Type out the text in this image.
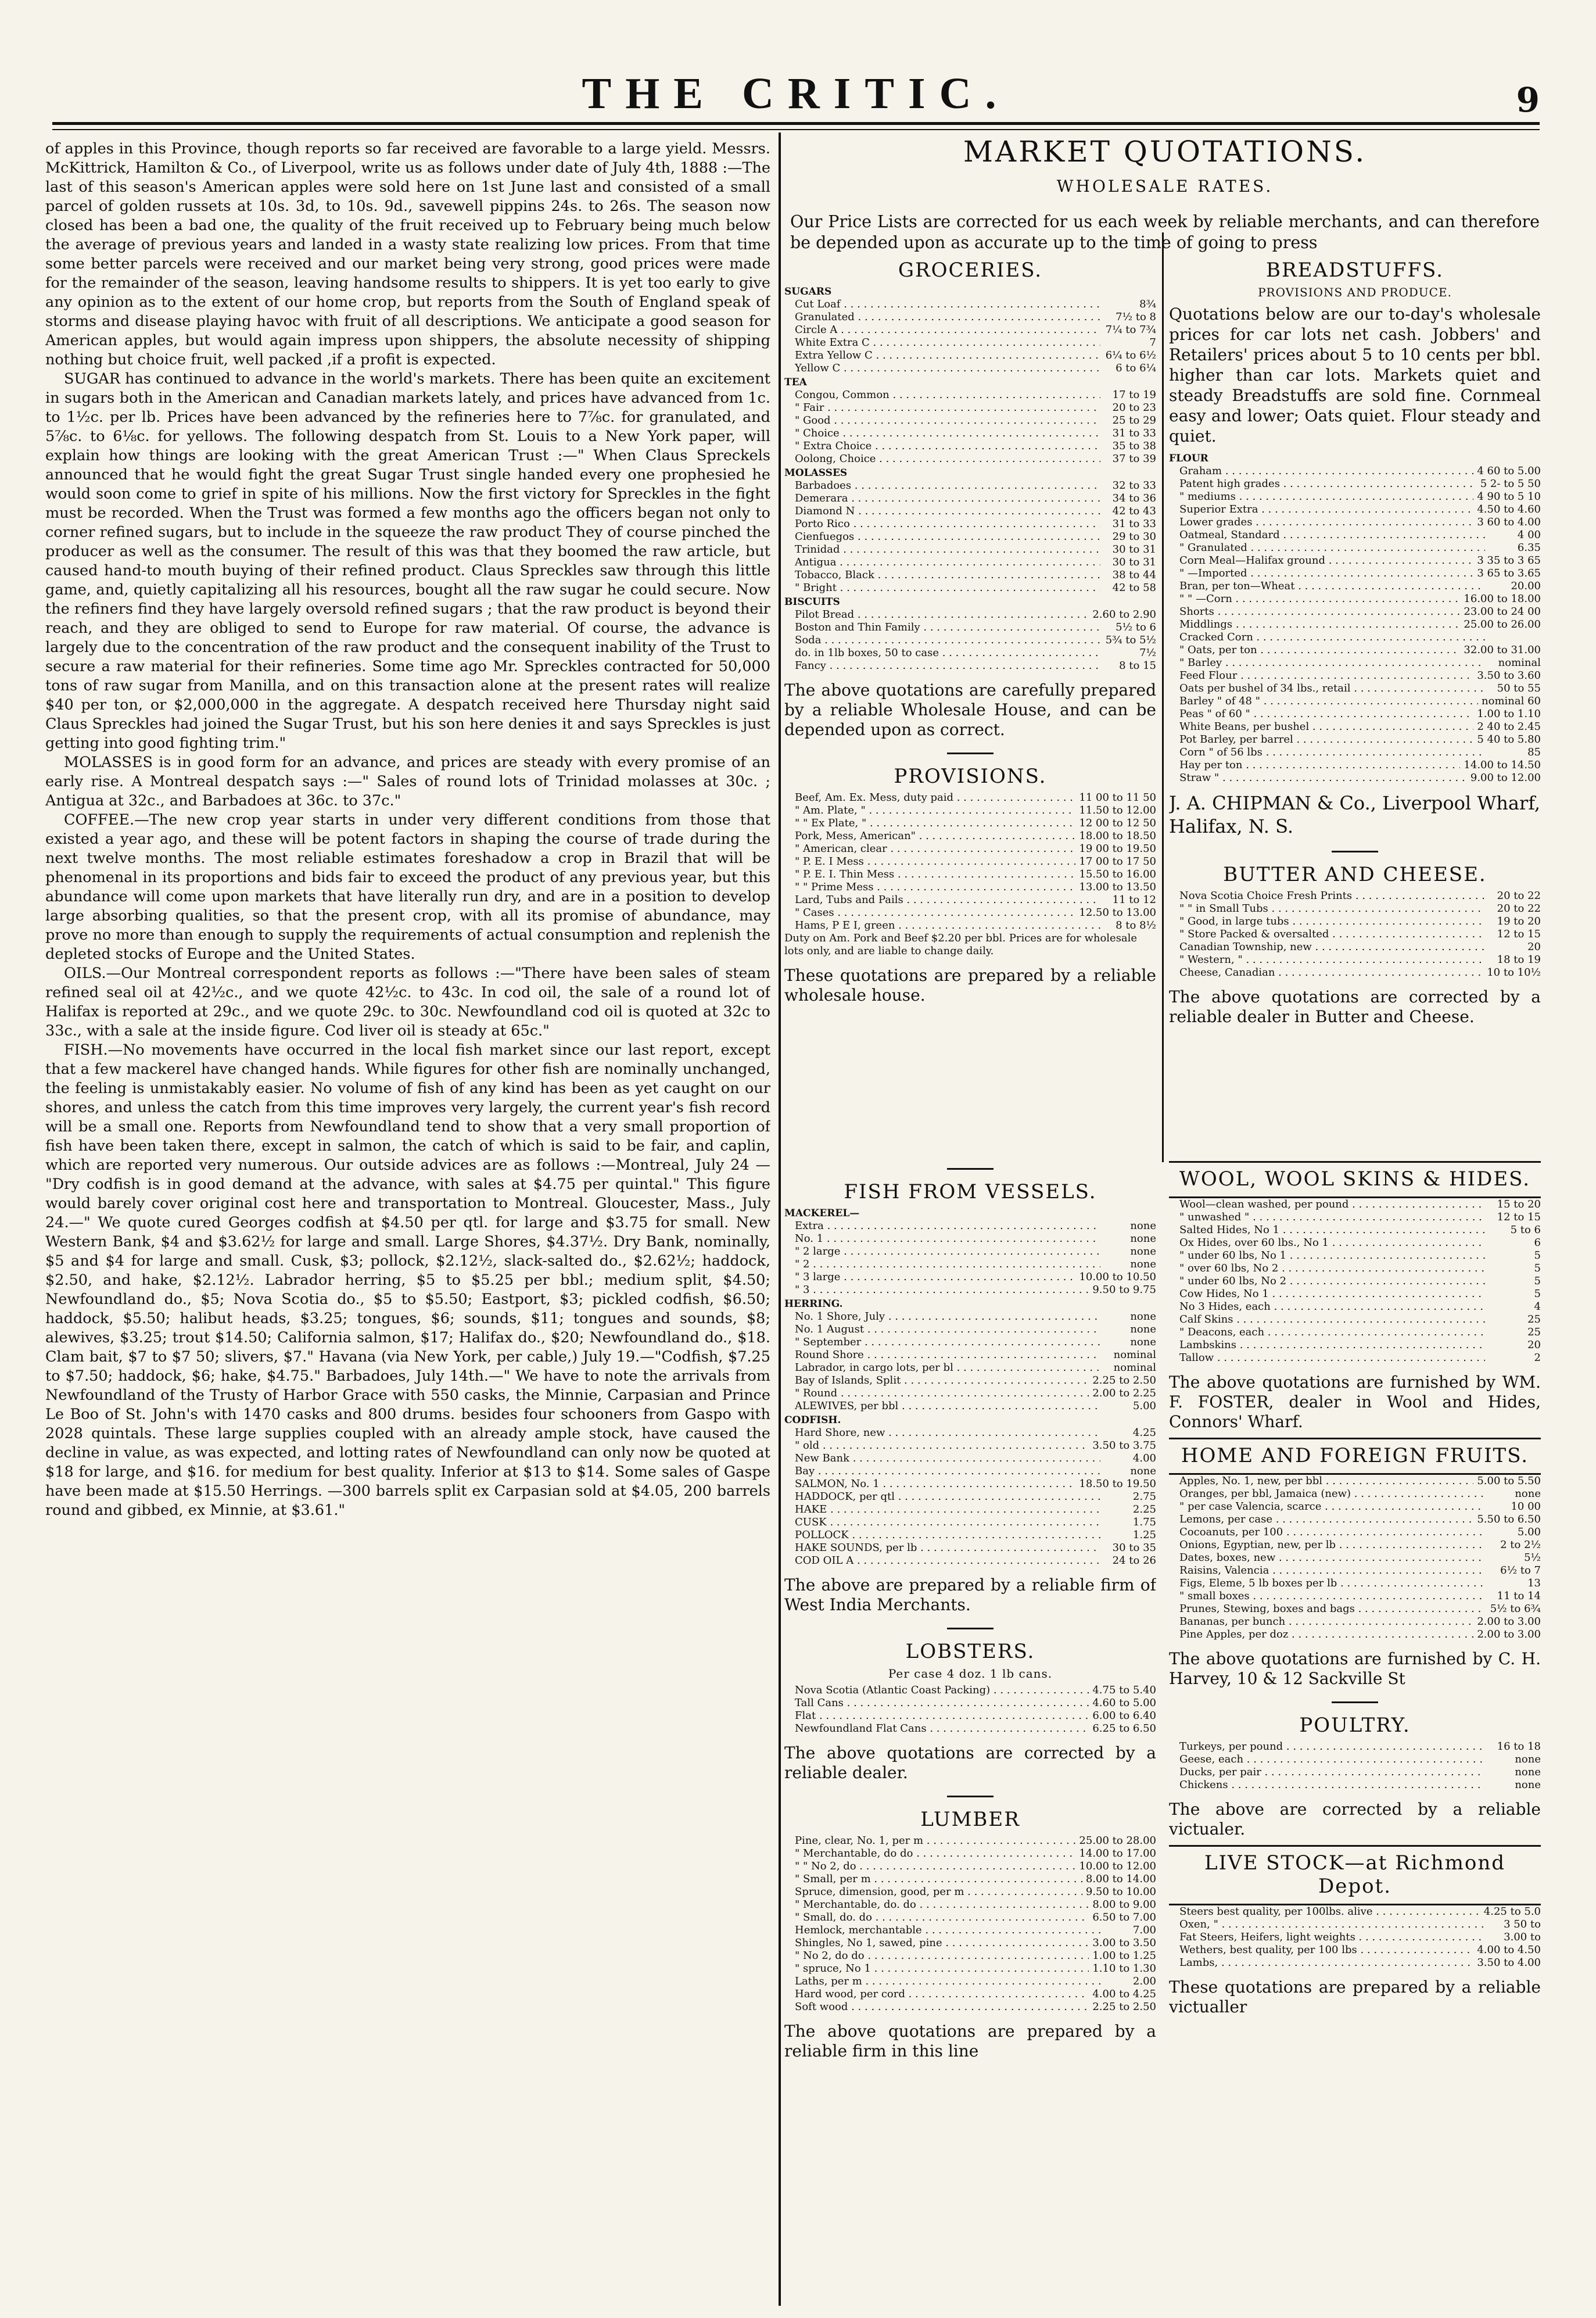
THE CRITIC.	9

of apples in this Province, though reports so far received are favorable to a large yield. Messrs. McKittrick, Hamilton & Co., of Liverpool, write us as follows under date of July 4th, 1888 :—The last of this season's American apples were sold here on 1st June last and consisted of a small parcel of golden russets at 10s. 3d, to 10s. 9d., savewell pippins 24s. to 26s. The season now closed has been a bad one, the quality of the fruit received up to February being much below the average of previous years and landed in a wasty state realizing low prices. From that time some better parcels were received and our market being very strong, good prices were made for the remainder of the season, leaving handsome results to shippers. It is yet too early to give any opinion as to the extent of our home crop, but reports from the South of England speak of storms and disease playing havoc with fruit of all descriptions. We anticipate a good season for American apples, but would again impress upon shippers, the absolute necessity of shipping nothing but choice fruit, well packed ,if a profit is expected.

SUGAR has continued to advance in the world's markets. There has been quite an excitement in sugars both in the American and Canadian markets lately, and prices have advanced from 1c. to 1½c. per lb. Prices have been advanced by the refineries here to 7⅞c. for granulated, and 5⅞c. to 6⅛c. for yellows. The following despatch from St. Louis to a New York paper, will explain how things are looking with the great American Trust :—" When Claus Spreckels announced that he would fight the great Sugar Trust single handed every one prophesied he would soon come to grief in spite of his millions. Now the first victory for Spreckles in the fight must be recorded. When the Trust was formed a few months ago the officers began not only to corner refined sugars, but to include in the squeeze the raw product They of course pinched the producer as well as the consumer. The result of this was that they boomed the raw article, but caused hand-to mouth buying of their refined product. Claus Spreckles saw through this little game, and, quietly capitalizing all his resources, bought all the raw sugar he could secure. Now the refiners find they have largely oversold refined sugars ; that the raw product is beyond their reach, and they are obliged to send to Europe for raw material. Of course, the advance is largely due to the concentration of the raw product and the consequent inability of the Trust to secure a raw material for their refineries. Some time ago Mr. Spreckles contracted for 50,000 tons of raw sugar from Manilla, and on this transaction alone at the present rates will realize $40 per ton, or $2,000,000 in the aggregate. A despatch received here Thursday night said Claus Spreckles had joined the Sugar Trust, but his son here denies it and says Spreckles is just getting into good fighting trim."

MOLASSES is in good form for an advance, and prices are steady with every promise of an early rise. A Montreal despatch says :—" Sales of round lots of Trinidad molasses at 30c. ; Antigua at 32c., and Barbadoes at 36c. to 37c."

COFFEE.—The new crop year starts in under very different conditions from those that existed a year ago, and these will be potent factors in shaping the course of trade during the next twelve months. The most reliable estimates foreshadow a crop in Brazil that will be phenomenal in its proportions and bids fair to exceed the product of any previous year, but this abundance will come upon markets that have literally run dry, and are in a position to develop large absorbing qualities, so that the present crop, with all its promise of abundance, may prove no more than enough to supply the requirements of actual consumption and replenish the depleted stocks of Europe and the United States.

OILS.—Our Montreal correspondent reports as follows :—"There have been sales of steam refined seal oil at 42½c., and we quote 42½c. to 43c. In cod oil, the sale of a round lot of Halifax is reported at 29c., and we quote 29c. to 30c. Newfoundland cod oil is quoted at 32c to 33c., with a sale at the inside figure. Cod liver oil is steady at 65c."

FISH.—No movements have occurred in the local fish market since our last report, except that a few mackerel have changed hands. While figures for other fish are nominally unchanged, the feeling is unmistakably easier. No volume of fish of any kind has been as yet caught on our shores, and unless the catch from this time improves very largely, the current year's fish record will be a small one. Reports from Newfoundland tend to show that a very small proportion of fish have been taken there, except in salmon, the catch of which is said to be fair, and caplin, which are reported very numerous. Our outside advices are as follows :—Montreal, July 24 — "Dry codfish is in good demand at the advance, with sales at $4.75 per quintal." This figure would barely cover original cost here and transportation to Montreal. Gloucester, Mass., July 24.—" We quote cured Georges codfish at $4.50 per qtl. for large and $3.75 for small. New Western Bank, $4 and $3.62½ for large and small. Large Shores, $4.37½. Dry Bank, nominally, $5 and $4 for large and small. Cusk, $3; pollock, $2.12½, slack-salted do., $2.62½; haddock, $2.50, and hake, $2.12½. Labrador herring, $5 to $5.25 per bbl.; medium split, $4.50; Newfoundland do., $5; Nova Scotia do., $5 to $5.50; Eastport, $3; pickled codfish, $6.50; haddock, $5.50; halibut heads, $3.25; tongues, $6; sounds, $11; tongues and sounds, $8; alewives, $3.25; trout $14.50; California salmon, $17; Halifax do., $20; Newfoundland do., $18. Clam bait, $7 to $7 50; slivers, $7." Havana (via New York, per cable,) July 19.—"Codfish, $7.25 to $7.50; haddock, $6; hake, $4.75." Barbadoes, July 14th.—" We have to note the arrivals from Newfoundland of the Trusty of Harbor Grace with 550 casks, the Minnie, Carpasian and Prince Le Boo of St. John's with 1470 casks and 800 drums. besides four schooners from Gaspo with 2028 quintals. These large supplies coupled with an already ample stock, have caused the decline in value, as was expected, and lotting rates of Newfoundland can only now be quoted at $18 for large, and $16. for medium for best quality. Inferior at $13 to $14. Some sales of Gaspe have been made at $15.50 Herrings. —300 barrels split ex Carpasian sold at $4.05, 200 barrels round and gibbed, ex Minnie, at $3.61."

MARKET QUOTATIONS.
WHOLESALE RATES.
Our Price Lists are corrected for us each week by reliable merchants, and can therefore be depended upon as accurate up to the time of going to press
GROCERIES.
SUGARS
Cut Loaf . . .	8¾
Granulated . . .	7½ to 8
Circle A . . .	7¼ to 7¾
White Extra C . . .	7
Extra Yellow C . . .	6¼ to 6½
Yellow C . . .	6 to 6¼
TEA
Congou, Common . . .	17 to 19
" Fair . . .	20 to 23
" Good . . .	25 to 29
" Choice . . .	31 to 33
" Extra Choice . . .	35 to 38
Oolong, Choice . . .	37 to 39
MOLASSES
Barbadoes . . .	32 to 33
Demerara . . .	34 to 36
Diamond N . . .	42 to 43
Porto Rico . . .	31 to 33
Cienfuegos . . .	29 to 30
Trinidad . . .	30 to 31
Antigua . . .	30 to 31
Tobacco, Black . . .	38 to 44
" Bright . . .	42 to 58
BISCUITS
Pilot Bread . . .	2.60 to 2.90
Boston and Thin Family . . .	5½ to 6
Soda . . .	5¾ to 5½
do. in 1lb boxes, 50 to case . . .	7½
Fancy . . .	8 to 15
The above quotations are carefully prepared by a reliable Wholesale House, and can be depended upon as correct.
PROVISIONS.
Beef, Am. Ex. Mess, duty paid . . .	11 00 to 11 50
" Am. Plate, " . . .	11.50 to 12.00
" " Ex Plate, " . . .	12 00 to 12 50
Pork, Mess, American" . . .	18.00 to 18.50
" American, clear . . .	19 00 to 19.50
" P. E. I Mess . . .	17 00 to 17 50
" P. E. I. Thin Mess . . .	15.50 to 16.00
" " Prime Mess . . .	13.00 to 13.50
Lard, Tubs and Pails . . .	11 to 12
" Cases . . .	12.50 to 13.00
Hams, P E I, green . . .	8 to 8½
Duty on Am. Pork and Beef $2.20 per bbl. Prices are for wholesale lots only, and are liable to change daily.
These quotations are prepared by a reliable wholesale house.
BREADSTUFFS.
PROVISIONS AND PRODUCE.
Quotations below are our to-day's wholesale prices for car lots net cash. Jobbers' and Retailers' prices about 5 to 10 cents per bbl. higher than car lots. Markets quiet and steady Breadstuffs are sold fine. Cornmeal easy and lower; Oats quiet. Flour steady and quiet.
FLOUR
Graham . . .	4 60 to 5.00
Patent high grades . . .	5 2- to 5 50
" mediums . . .	4 90 to 5 10
Superior Extra . . .	4.50 to 4.60
Lower grades . . .	3 60 to 4.00
Oatmeal, Standard . . .	4 00
" Granulated . . .	6.35
Corn Meal—Halifax ground . . .	3 35 to 3 65
" —Imported . . .	3 65 to 3.65
Bran, per ton—Wheat . . .	20.00
" " —Corn . . .	16.00 to 18.00
Shorts . . .	23.00 to 24 00
Middlings . . .	25.00 to 26.00
Cracked Corn . . .
" Oats, per ton . . .	32.00 to 31.00
" Barley . . .	nominal
Feed Flour . . .	3.50 to 3.60
Oats per bushel of 34 lbs., retail . . .	50 to 55
Barley " of 48 " . . .	nominal 60
Peas " of 60 " . . .	1.00 to 1.10
White Beans, per bushel . . .	2 40 to 2.45
Pot Barley, per barrel . . .	5 40 to 5.80
Corn " of 56 lbs . . .	85
Hay per ton . . .	14.00 to 14.50
Straw " . . .	9.00 to 12.00
J. A. CHIPMAN & Co., Liverpool Wharf, Halifax, N. S.
BUTTER AND CHEESE.
Nova Scotia Choice Fresh Prints . . .	20 to 22
" " in Small Tubs . . .	20 to 22
" Good, in large tubs . . .	19 to 20
" Store Packed & oversalted . . .	12 to 15
Canadian Township, new . . .	20
" Western, " . . .	18 to 19
Cheese, Canadian . . .	10 to 10½
The above quotations are corrected by a reliable dealer in Butter and Cheese.
FISH FROM VESSELS.
MACKEREL—
Extra . . .	none
No. 1 . . .	none
" 2 large . . .	none
" 2 . . .	none
" 3 large . . .	10.00 to 10.50
" 3 . . .	9.50 to 9.75
HERRING.
No. 1 Shore, July . . .	none
No. 1 August . . .	none
" September . . .	none
Round Shore . . .	nominal
Labrador, in cargo lots, per bl . . .	nominal
Bay of Islands, Split . . .	2.25 to 2.50
" Round . . .	2.00 to 2.25
ALEWIVES, per bbl . . .	5.00
CODFISH.
Hard Shore, new . . .	4.25
" old . . .	3.50 to 3.75
New Bank . . .	4.00
Bay . . .	none
SALMON, No. 1 . . .	18.50 to 19.50
HADDOCK, per qtl . . .	2.75
HAKE . . .	2.25
CUSK . . .	1.75
POLLOCK . . .	1.25
HAKE SOUNDS, per lb . . .	30 to 35
COD OIL A . . .	24 to 26
The above are prepared by a reliable firm of West India Merchants.
LOBSTERS.
Per case 4 doz. 1 lb cans.
Nova Scotia (Atlantic Coast Packing) . . .	4.75 to 5.40
Tall Cans . . .	4.60 to 5.00
Flat . . .	6.00 to 6.40
Newfoundland Flat Cans . . .	6.25 to 6.50
The above quotations are corrected by a reliable dealer.
LUMBER
Pine, clear, No. 1, per m . . .	25.00 to 28.00
" Merchantable, do do . . .	14.00 to 17.00
" " No 2, do . . .	10.00 to 12.00
" Small, per m . . .	8.00 to 14.00
Spruce, dimension, good, per m . . .	9.50 to 10.00
" Merchantable, do. do . . .	8.00 to 9.00
" Small, do. do . . .	6.50 to 7.00
Hemlock, merchantable . . .	7.00
Shingles, No 1, sawed, pine . . .	3.00 to 3.50
" No 2, do do . . .	1.00 to 1.25
" spruce, No 1 . . .	1.10 to 1.30
Laths, per m . . .	2.00
Hard wood, per cord . . .	4.00 to 4.25
Soft wood . . .	2.25 to 2.50
The above quotations are prepared by a reliable firm in this line
WOOL, WOOL SKINS & HIDES.
Wool—clean washed, per pound . . .	15 to 20
" unwashed " . . .	12 to 15
Salted Hides, No 1 . . .	5 to 6
Ox Hides, over 60 lbs., No 1 . . .	6
" under 60 lbs, No 1 . . .	5
" over 60 lbs, No 2 . . .	5
" under 60 lbs, No 2 . . .	5
Cow Hides, No 1 . . .	5
No 3 Hides, each . . .	4
Calf Skins . . .	25
" Deacons, each . . .	25
Lambskins . . .	20
Tallow . . .	2
The above quotations are furnished by WM. F. FOSTER, dealer in Wool and Hides, Connors' Wharf.
HOME AND FOREIGN FRUITS.
Apples, No. 1, new, per bbl . . .	5.00 to 5.50
Oranges, per bbl, Jamaica (new) . . .	none
" per case Valencia, scarce . . .	10 00
Lemons, per case . . .	5.50 to 6.50
Cocoanuts, per 100 . . .	5.00
Onions, Egyptian, new, per lb . . .	2 to 2½
Dates, boxes, new . . .	5½
Raisins, Valencia . . .	6½ to 7
Figs, Eleme, 5 lb boxes per lb . . .	13
" small boxes . . .	11 to 14
Prunes, Stewing, boxes and bags . . .	5½ to 6¾
Bananas, per bunch . . .	2.00 to 3.00
Pine Apples, per doz . . .	2.00 to 3.00
The above quotations are furnished by C. H. Harvey, 10 & 12 Sackville St
POULTRY.
Turkeys, per pound . . .	16 to 18
Geese, each . . .	none
Ducks, per pair . . .	none
Chickens . . .	none
The above are corrected by a reliable victualer.
LIVE STOCK—at Richmond Depot.
Steers best quality, per 100lbs. alive . . .	4.25 to 5.0
Oxen, " . . .	3 50 to
Fat Steers, Heifers, light weights . . .	3.00 to
Wethers, best quality, per 100 lbs . . .	4.00 to 4.50
Lambs, . . .	3.50 to 4.00
These quotations are prepared by a reliable victualler
